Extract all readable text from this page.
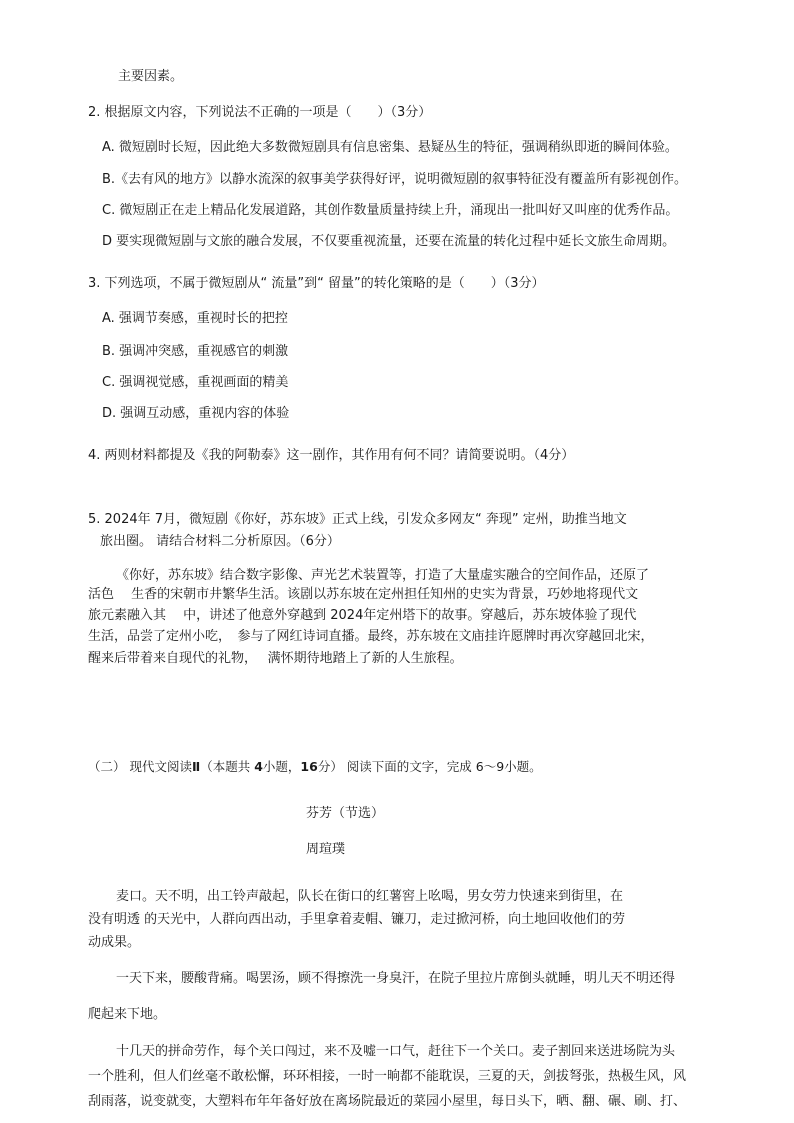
主要因素。
2. 根据原文内容，下列说法不正确的一项是（　　）（3分）
A. 微短剧时长短，因此绝大多数微短剧具有信息密集、悬疑丛生的特征，强调稍纵即逝的瞬间体验。
B.《去有风的地方》以静水流深的叙事美学获得好评，说明微短剧的叙事特征没有覆盖所有影视创作。
C. 微短剧正在走上精品化发展道路，其创作数量质量持续上升，涌现出一批叫好又叫座的优秀作品。
D 要实现微短剧与文旅的融合发展，不仅要重视流量，还要在流量的转化过程中延长文旅生命周期。
3. 下列选项，不属于微短剧从“ 流量”到“ 留量”的转化策略的是（　　）（3分）
A. 强调节奏感，重视时长的把控
B. 强调冲突感，重视感官的刺激
C. 强调视觉感，重视画面的精美
D. 强调互动感，重视内容的体验
4. 两则材料都提及《我的阿勒泰》这一剧作，其作用有何不同？请简要说明。（4分）
5. 2024年 7月，微短剧《你好，苏东坡》正式上线，引发众多网友“ 奔现” 定州，助推当地文
旅出圈。 请结合材料二分析原因。（6分）
《你好，苏东坡》结合数字影像、声光艺术装置等，打造了大量虚实融合的空间作品，还原了
活色　 生香的宋朝市井繁华生活。该剧以苏东坡在定州担任知州的史实为背景，巧妙地将现代文
旅元素融入其　 中，讲述了他意外穿越到 2024年定州塔下的故事。穿越后，苏东坡体验了现代
生活，品尝了定州小吃，　参与了网红诗词直播。最终，苏东坡在文庙挂许愿牌时再次穿越回北宋，
醒来后带着来自现代的礼物，　 满怀期待地踏上了新的人生旅程。
（二） 现代文阅读Ⅱ（本题共 4小题，16分） 阅读下面的文字，完成 6～9小题。
芬芳（节选）
周瑄璞
麦口。天不明，出工铃声敲起，队长在街口的红薯窖上吆喝，男女劳力快速来到街里，在
没有明透 的天光中，人群向西出动，手里拿着麦帽、镰刀，走过掀河桥，向土地回收他们的劳
动成果。
一天下来，腰酸背痛。喝罢汤，顾不得擦洗一身臭汗，在院子里拉片席倒头就睡，明儿天不明还得
爬起来下地。
十几天的拼命劳作，每个关口闯过，来不及嘘一口气，赶往下一个关口。麦子割回来送进场院为头
一个胜利，但人们丝毫不敢松懈，环环相接，一时一晌都不能耽误，三夏的天，剑拔弩张，热极生风，风
刮雨落，说变就变，大塑料布年年备好放在离场院最近的菜园小屋里，每日头下，晒、翻、碾、刷、打、
